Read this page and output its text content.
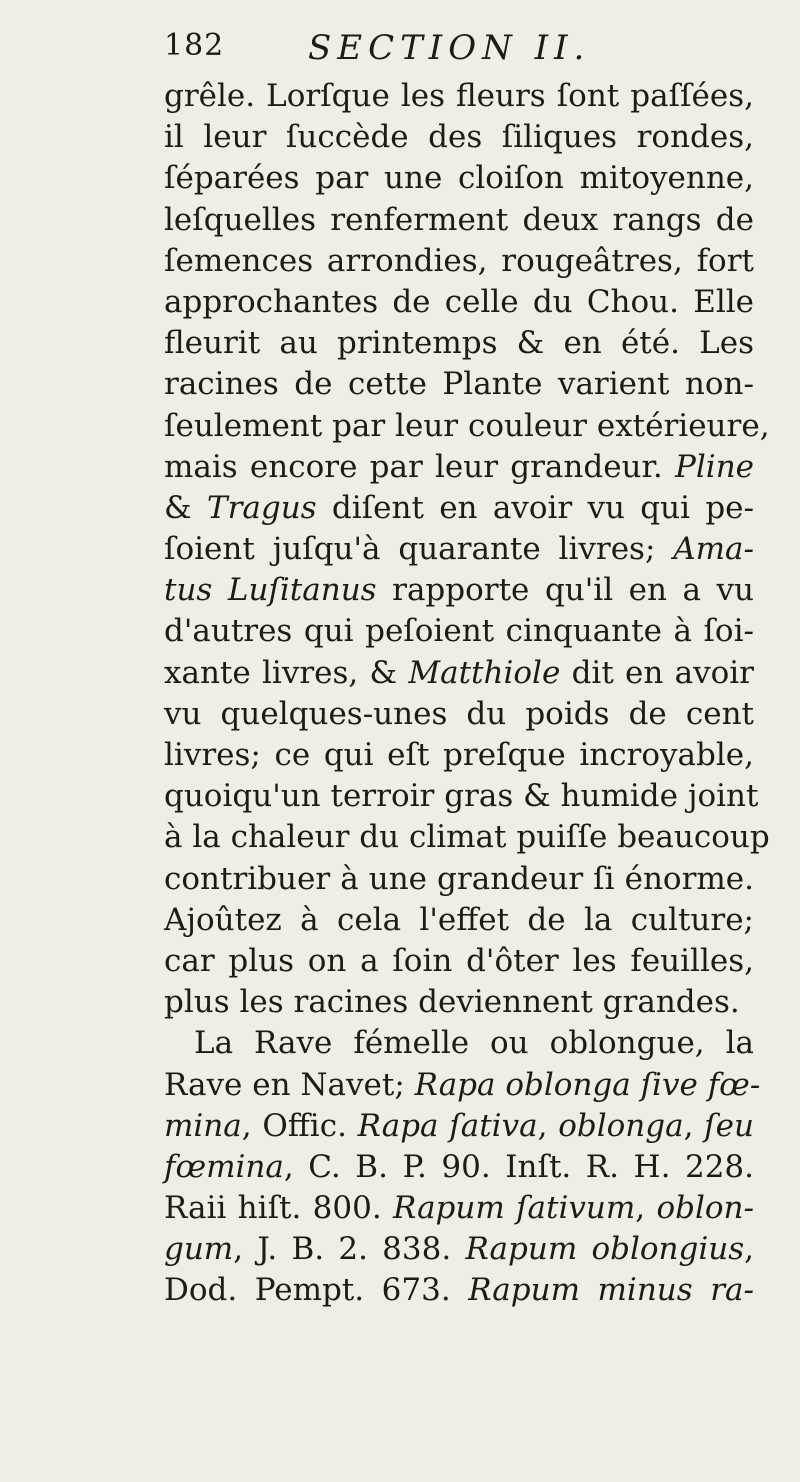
182 SECTION II.
grêle. Lorſque les fleurs ſont paſſées,
il leur ſuccède des ſiliques rondes,
ſéparées par une cloiſon mitoyenne,
leſquelles renferment deux rangs de
ſemences arrondies, rougeâtres, fort
approchantes de celle du Chou. Elle
fleurit au printemps & en été. Les
racines de cette Plante varient non-
ſeulement par leur couleur extérieure,
mais encore par leur grandeur. Pline
& Tragus diſent en avoir vu qui pe-
ſoient juſqu'à quarante livres; Ama-
tus Luſitanus rapporte qu'il en a vu
d'autres qui peſoient cinquante à ſoi-
xante livres, & Matthiole dit en avoir
vu quelques-unes du poids de cent
livres; ce qui eſt preſque incroyable,
quoiqu'un terroir gras & humide joint
à la chaleur du climat puiſſe beaucoup
contribuer à une grandeur ſi énorme.
Ajoûtez à cela l'effet de la culture;
car plus on a ſoin d'ôter les feuilles,
plus les racines deviennent grandes.
La Rave fémelle ou oblongue, la
Rave en Navet; Rapa oblonga ſive fœ-
mina, Offic. Rapa ſativa, oblonga, ſeu
fœmina, C. B. P. 90. Inſt. R. H. 228.
Raii hiſt. 800. Rapum ſativum, oblon-
gum, J. B. 2. 838. Rapum oblongius,
Dod. Pempt. 673. Rapum minus ra-
